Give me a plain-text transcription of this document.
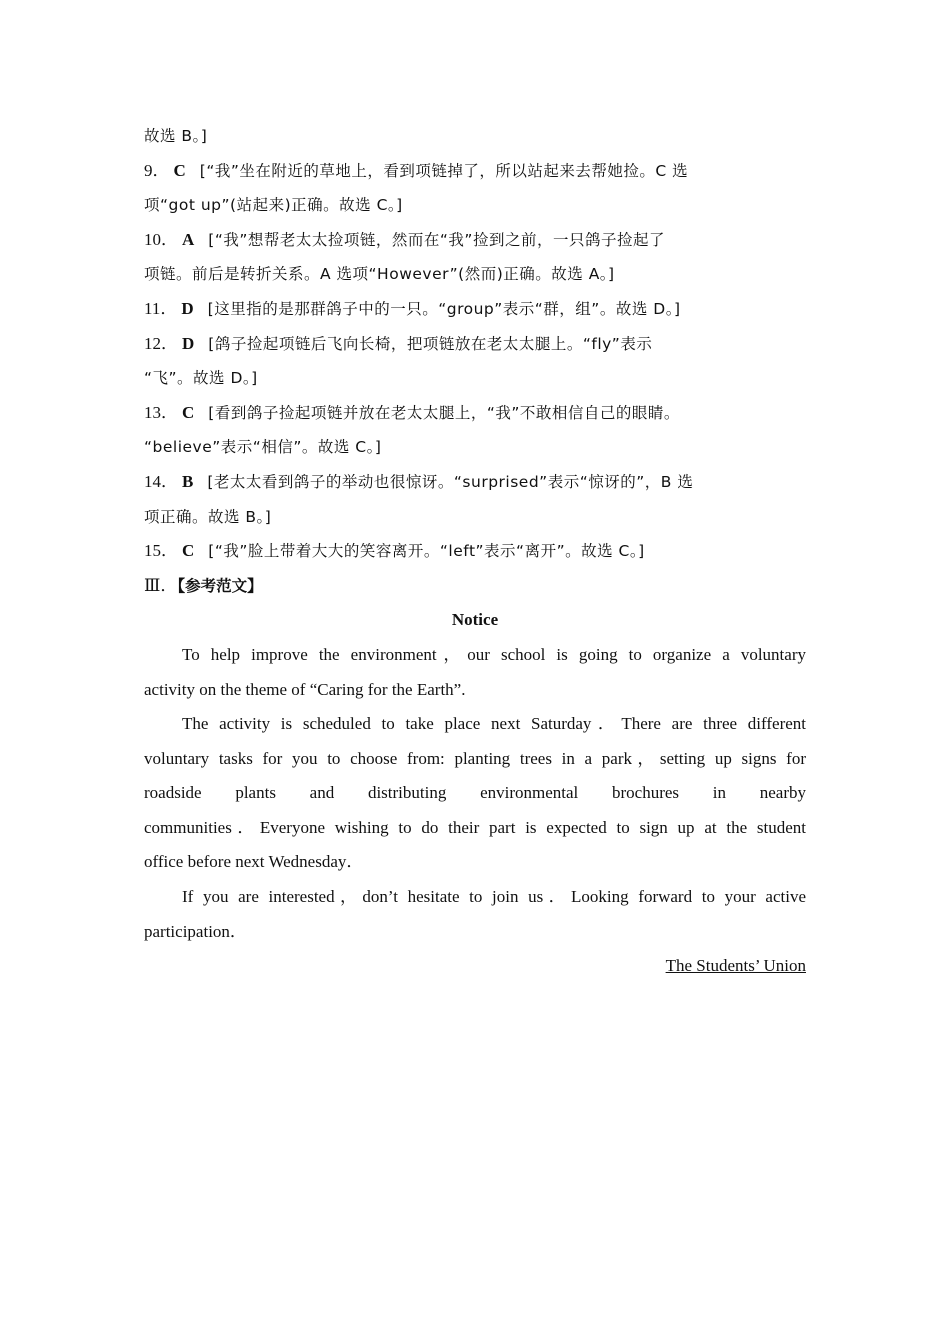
故选 B。]
9． C [“我”坐在附近的草地上，看到项链掉了，所以站起来去帮她捡。C 选
项“got up”(站起来)正确。故选 C。]
10． A [“我”想帮老太太捡项链，然而在“我”捡到之前，一只鸽子捡起了
项链。前后是转折关系。A 选项“However”(然而)正确。故选 A。]
11． D [这里指的是那群鸽子中的一只。“group”表示“群，组”。故选 D。]
12． D [鸽子捡起项链后飞向长椅，把项链放在老太太腿上。“fly”表示
“飞”。故选 D。]
13． C [看到鸽子捡起项链并放在老太太腿上，“我”不敢相信自己的眼睛。
“believe”表示“相信”。故选 C。]
14． B [老太太看到鸽子的举动也很惊讶。“surprised”表示“惊讶的”，B 选
项正确。故选 B。]
15． C [“我”脸上带着大大的笑容离开。“left”表示“离开”。故选 C。]
Ⅲ．【参考范文】
Notice
To help improve the environment，our school is going to organize a voluntary
activity on the theme of “Caring for the Earth”.
The activity is scheduled to take place next Saturday．There are three different
voluntary tasks for you to choose from: planting trees in a park，setting up signs for
roadside plants and distributing environmental brochures in nearby
communities．Everyone wishing to do their part is expected to sign up at the student
office before next Wednesday．
If you are interested，don’t hesitate to join us．Looking forward to your active
participation．
The Students’ Union
